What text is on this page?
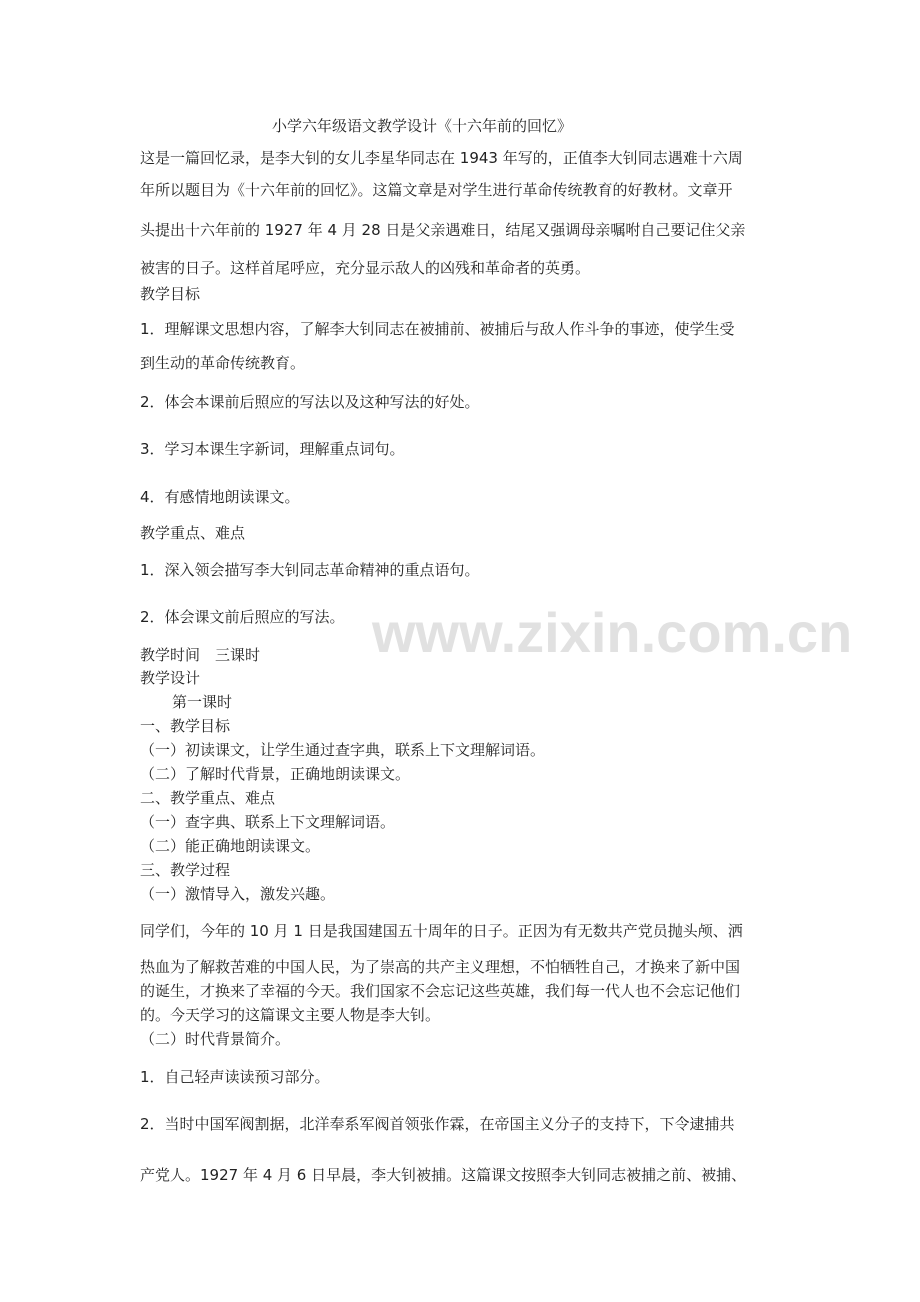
小学六年级语文教学设计《十六年前的回忆》
这是一篇回忆录，是李大钊的女儿李星华同志在 1943 年写的，正值李大钊同志遇难十六周
年所以题目为《十六年前的回忆》。这篇文章是对学生进行革命传统教育的好教材。文章开
头提出十六年前的 1927 年 4 月 28 日是父亲遇难日，结尾又强调母亲嘱咐自己要记住父亲
被害的日子。这样首尾呼应，充分显示敌人的凶残和革命者的英勇。
教学目标
1．理解课文思想内容，了解李大钊同志在被捕前、被捕后与敌人作斗争的事迹，使学生受
到生动的革命传统教育。
2．体会本课前后照应的写法以及这种写法的好处。
3．学习本课生字新词，理解重点词句。
4．有感情地朗读课文。
教学重点、难点
1．深入领会描写李大钊同志革命精神的重点语句。
2．体会课文前后照应的写法。
教学时间　三课时
教学设计
第一课时
一、教学目标
（一）初读课文，让学生通过查字典，联系上下文理解词语。
（二）了解时代背景，正确地朗读课文。
二、教学重点、难点
（一）查字典、联系上下文理解词语。
（二）能正确地朗读课文。
三、教学过程
（一）激情导入，激发兴趣。
同学们，今年的 10 月 1 日是我国建国五十周年的日子。正因为有无数共产党员抛头颅、洒
热血为了解救苦难的中国人民，为了崇高的共产主义理想，不怕牺牲自己，才换来了新中国
的诞生，才换来了幸福的今天。我们国家不会忘记这些英雄，我们每一代人也不会忘记他们
的。今天学习的这篇课文主要人物是李大钊。
（二）时代背景简介。
1．自己轻声读读预习部分。
2．当时中国军阀割据，北洋奉系军阀首领张作霖，在帝国主义分子的支持下，下令逮捕共
产党人。1927 年 4 月 6 日早晨，李大钊被捕。这篇课文按照李大钊同志被捕之前、被捕、
www.zixin.com.cn
